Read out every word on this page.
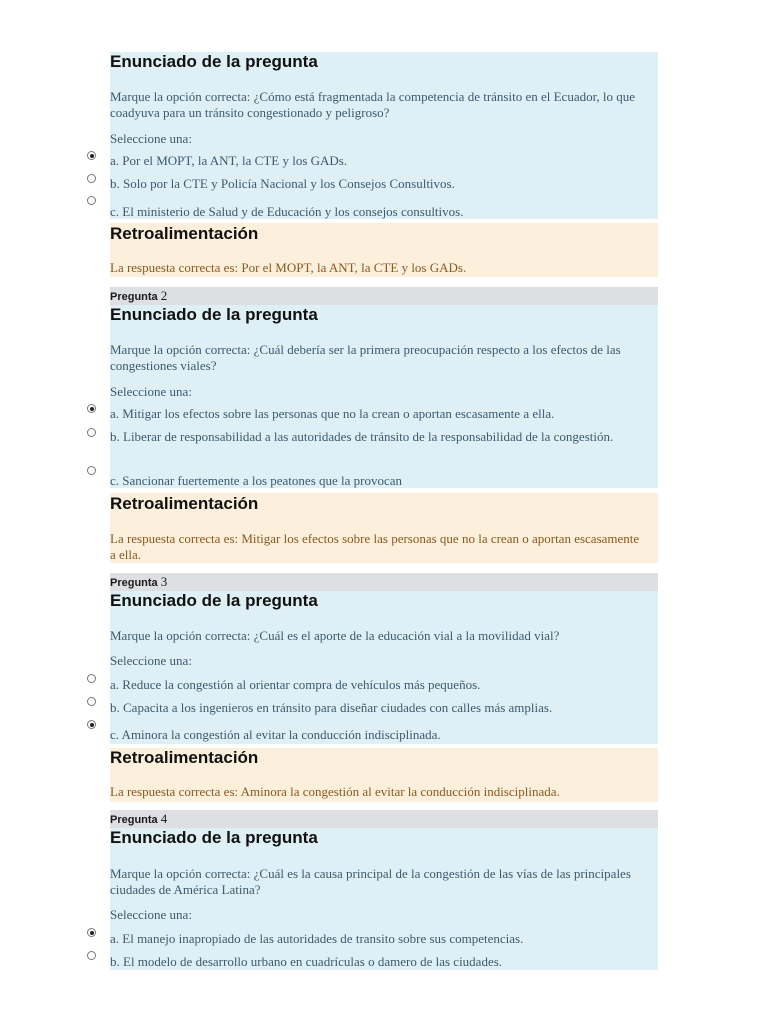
Enunciado de la pregunta
Marque la opción correcta: ¿Cómo está fragmentada la competencia de tránsito en el Ecuador, lo que coadyuva para un tránsito congestionado y peligroso?
Seleccione una:
a. Por el MOPT, la ANT, la CTE y los GADs.
b. Solo por la CTE y Policía Nacional y los Consejos Consultivos.
c. El ministerio de Salud y de Educación y los consejos consultivos.
Retroalimentación
La respuesta correcta es: Por el MOPT, la ANT, la CTE y los GADs.
Pregunta 2
Enunciado de la pregunta
Marque la opción correcta: ¿Cuál debería ser la primera preocupación respecto a los efectos de las congestiones viales?
Seleccione una:
a. Mitigar los efectos sobre las personas que no la crean o aportan escasamente a ella.
b. Liberar de responsabilidad a las autoridades de tránsito de la responsabilidad de la congestión.
c. Sancionar fuertemente a los peatones que la provocan
Retroalimentación
La respuesta correcta es: Mitigar los efectos sobre las personas que no la crean o aportan escasamente a ella.
Pregunta 3
Enunciado de la pregunta
Marque la opción correcta: ¿Cuál es el aporte de la educación vial a la movilidad vial?
Seleccione una:
a. Reduce la congestión al orientar compra de vehículos más pequeños.
b. Capacita a los ingenieros en tránsito para diseñar ciudades con calles más amplias.
c. Aminora la congestión al evitar la conducción indisciplinada.
Retroalimentación
La respuesta correcta es: Aminora la congestión al evitar la conducción indisciplinada.
Pregunta 4
Enunciado de la pregunta
Marque la opción correcta: ¿Cuál es la causa principal de la congestión de las vías de las principales ciudades de América Latina?
Seleccione una:
a. El manejo inapropiado de las autoridades de transito sobre sus competencias.
b. El modelo de desarrollo urbano en cuadrículas o damero de las ciudades.
